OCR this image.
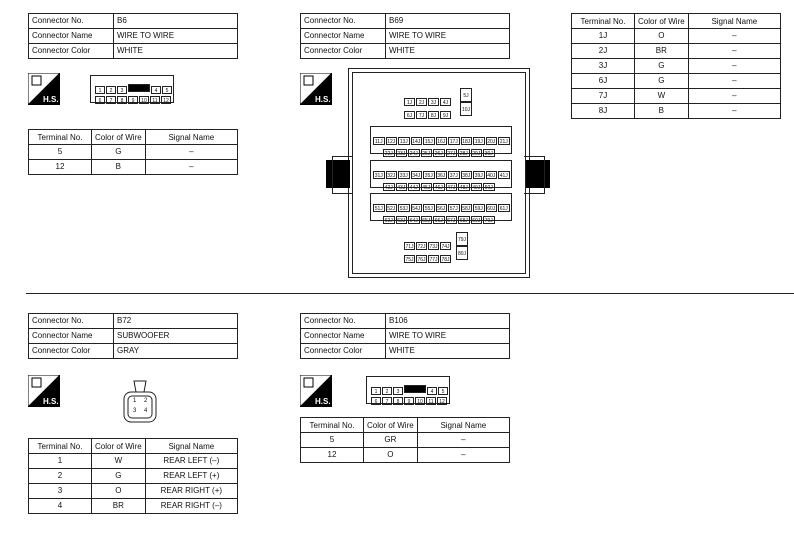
Connector No.	B6
Connector Name	WIRE TO WIRE
Connector Color	WHITE
H.S.
1 2 3	4 5
6 7 8 9 10 11 12
Terminal No.	Color of Wire	Signal Name
5	G	–
12	B	–
Connector No.	B69
Connector Name	WIRE TO WIRE
Connector Color	WHITE
H.S.	1J 2J 3J 4J
6J 7J 8J 9J
5J
10J
11J 12J 13J 14J 15J 16J 17J 18J 19J 20J 21J
22J 23J 24J 25J 26J 27J 28J 29J 30J
31J 32J 33J 34J 35J 36J 37J 38J 39J 40J 41J
42J 43J 44J 45J 46J 47J 48J 49J 50J
51J 52J 53J 54J 55J 56J 57J 58J 59J 60J 61J
62J 63J 64J 65J 66J 67J 68J 69J 70J
71J 72J 73J 74J
75J 76J 77J 78J
79J
80J
Terminal No.	Color of Wire	Signal Name
1J	O	–
2J	BR	–
3J	G	–
6J	G	–
7J	W	–
8J	B	–
Connector No.	B72
Connector Name	SUBWOOFER
Connector Color	GRAY
H.S.	1 2
3 4
Terminal No.	Color of Wire	Signal Name
1	W	REAR LEFT (–)
2	G	REAR LEFT (+)
3	O	REAR RIGHT (+)
4	BR	REAR RIGHT (–)
Connector No.	B106
Connector Name	WIRE TO WIRE
Connector Color	WHITE
H.S.
1 2 3	4 5
6 7 8 9 10 11 12
Terminal No.	Color of Wire	Signal Name
5	GR	–
12	O	–
